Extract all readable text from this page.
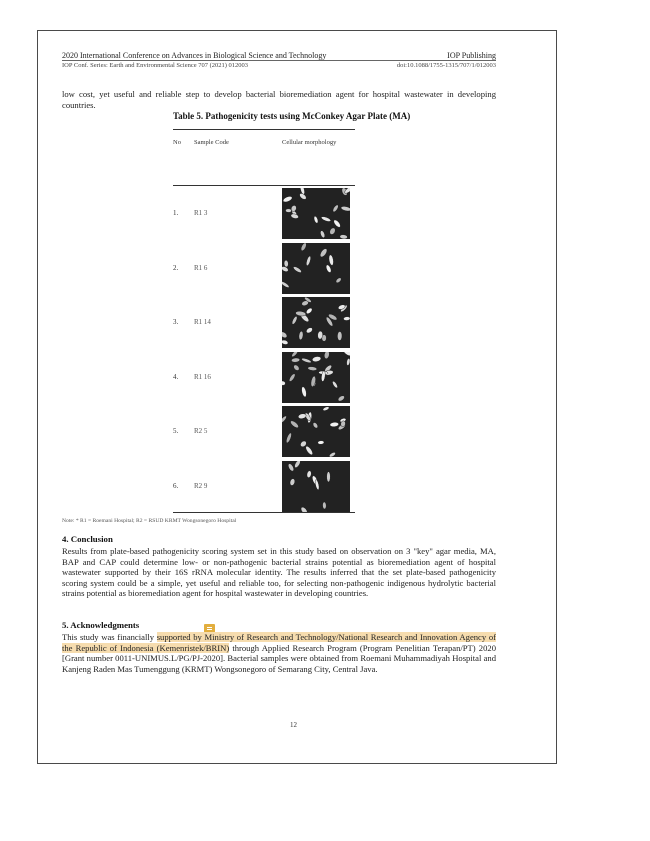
2020 International Conference on Advances in Biological Science and Technology	IOP Publishing
IOP Conf. Series: Earth and Environmental Science 707 (2021) 012003	doi:10.1088/1755-1315/707/1/012003
low cost, yet useful and reliable step to develop bacterial bioremediation agent for hospital wastewater in developing countries.
Table 5. Pathogenicity tests using McConkey Agar Plate (MA)
No Sample Code	Cellular morphology
1. R1 3
2. R1 6
3. R1 14
4. R1 16
5. R2 5
6. R2 9
Note: * R1 = Roemani Hospital; R2 = RSUD KRMT Wongsonegoro Hospital
4. Conclusion
Results from plate-based pathogenicity scoring system set in this study based on observation on 3 "key" agar media, MA, BAP and CAP could determine low- or non-pathogenic bacterial strains potential as bioremediation agent of hospital wastewater supported by their 16S rRNA molecular identity. The results inferred that the set plate-based pathogenicity scoring system could be a simple, yet useful and reliable too, for selecting non-pathogenic indigenous hydrolytic bacterial strains potential as bioremediation agent for hospital wastewater in developing countries.
5. Acknowledgments
This study was financially supported by Ministry of Research and Technology/National Research and Innovation Agency of the Republic of Indonesia (Kemenristek/BRIN) through Applied Research Program (Program Penelitian Terapan/PT) 2020 [Grant number 0011-UNIMUS.L/PG/PJ-2020]. Bacterial samples were obtained from Roemani Muhammadiyah Hospital and Kanjeng Raden Mas Tumenggung (KRMT) Wongsonegoro of Semarang City, Central Java.
12
